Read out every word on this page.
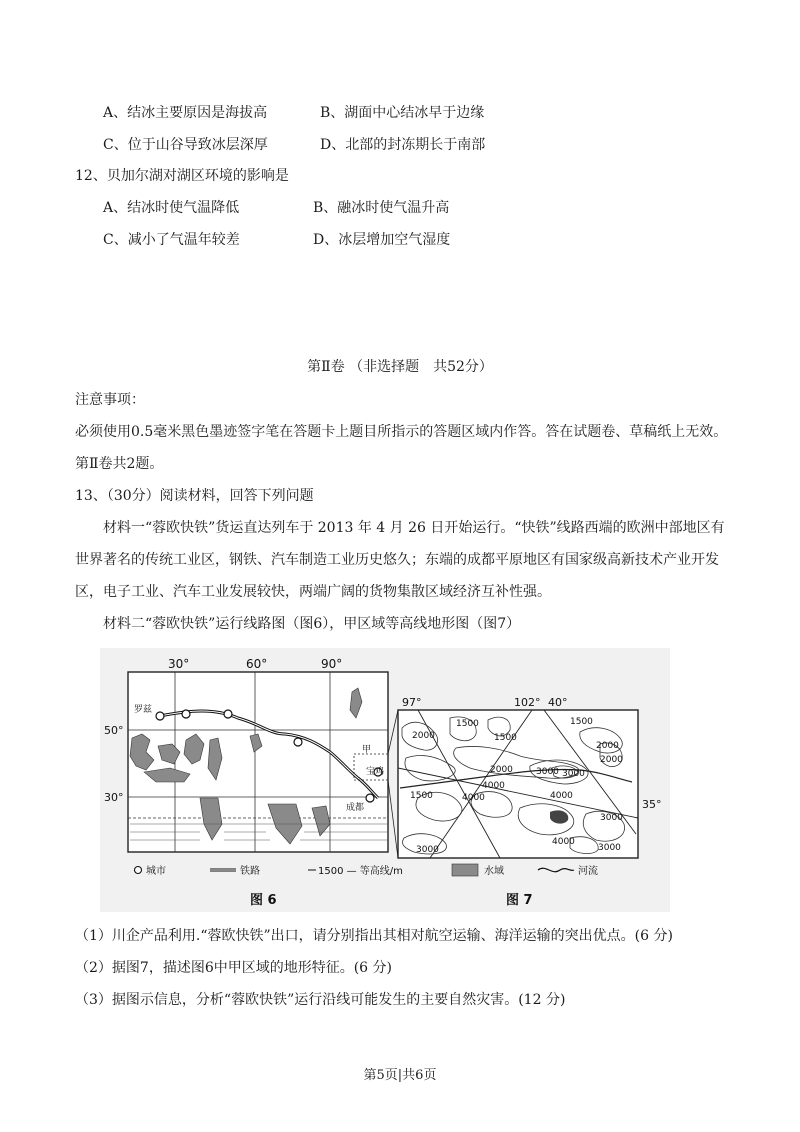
A、结冰主要原因是海拔高	B、湖面中心结冰早于边缘
C、位于山谷导致冰层深厚	D、北部的封冻期长于南部
12、贝加尔湖对湖区环境的影响是
A、结冰时使气温降低	B、融冰时使气温升高
C、减小了气温年较差	D、冰层增加空气湿度
第Ⅱ卷 （非选择题　共52分）
注意事项：
必须使用0.5毫米黑色墨迹签字笔在答题卡上题目所指示的答题区域内作答。答在试题卷、草稿纸上无效。
第Ⅱ卷共2题。
13、（30分）阅读材料，回答下列问题
材料一“蓉欧快铁”货运直达列车于 2013 年 4 月 26 日开始运行。“快铁”线路西端的欧洲中部地区有
世界著名的传统工业区，钢铁、汽车制造工业历史悠久；东端的成都平原地区有国家级高新技术产业开发
区，电子工业、汽车工业发展较快，两端广阔的货物集散区域经济互补性强。
材料二“蓉欧快铁”运行线路图（图6），甲区域等高线地形图（图7）
30°	60°	90°
50°
30°
罗兹
甲
宝鸡
成都
97°	102° 40°
35°
1500
2000	1500
1500
2000
2000
2000	3000
1500
4000
4000
3000
4000
3000
3000
4000
3000
城市	铁路	1500 — 等高线/m	水域	河流
图 6	图 7
（1）川企产品利用.“蓉欧快铁”出口，请分别指出其相对航空运输、海洋运输的突出优点。(6 分)
（2）据图7，描述图6中甲区域的地形特征。(6 分)
（3）据图示信息，分析“蓉欧快铁”运行沿线可能发生的主要自然灾害。(12 分)
第5页|共6页
